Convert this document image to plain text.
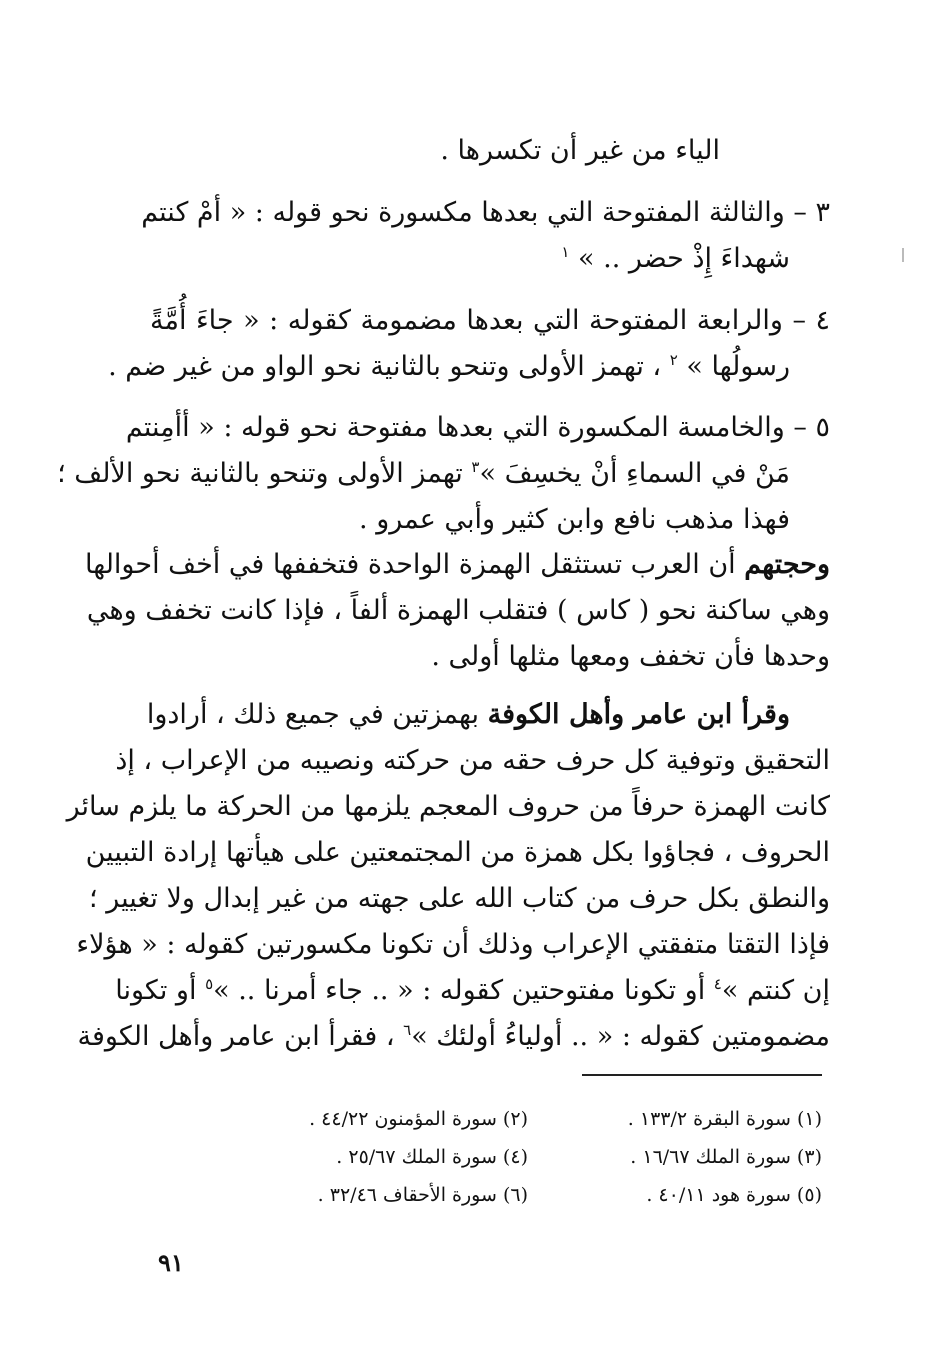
الياء من غير أن تكسرها .
٣ – والثالثة المفتوحة التي بعدها مكسورة نحو قوله : « أمْ كنتم
شهداءَ إِذْ حضر .. » $^١$
٤ – والرابعة المفتوحة التي بعدها مضمومة كقوله : « جاءَ أُمَّةً
رسولُها » $^٢$ ، تهمز الأولى وتنحو بالثانية نحو الواو من غير ضم .
٥ – والخامسة المكسورة التي بعدها مفتوحة نحو قوله : « أأمِنتم
مَنْ في السماءِ أنْ يخسِفَ »$^٣$ تهمز الأولى وتنحو بالثانية نحو الألف ؛
فهذا مذهب نافع وابن كثير وأبي عمرو .
وحجتهم أن العرب تستثقل الهمزة الواحدة فتخففها في أخف أحوالها
وهي ساكنة نحو ( كاس ) فتقلب الهمزة ألفاً ، فإذا كانت تخفف وهي
وحدها فأن تخفف ومعها مثلها أولى .
وقرأ ابن عامر وأهل الكوفة بهمزتين في جميع ذلك ، أرادوا
التحقيق وتوفية كل حرف حقه من حركته ونصيبه من الإعراب ، إذ
كانت الهمزة حرفاً من حروف المعجم يلزمها من الحركة ما يلزم سائر
الحروف ، فجاؤوا بكل همزة من المجتمعتين على هيأتها إرادة التبيين
والنطق بكل حرف من كتاب الله على جهته من غير إبدال ولا تغيير ؛
فإذا التقتا متفقتي الإعراب وذلك أن تكونا مكسورتين كقوله : « هؤلاء
إن كنتم »$^٤$ أو تكونا مفتوحتين كقوله : « .. جاء أمرنا .. »$^٥$ أو تكونا
مضمومتين كقوله : « .. أولياءُ أولئك »$^٦$ ، فقرأ ابن عامر وأهل الكوفة
(١) سورة البقرة ١٣٣/٢ .
(٣) سورة الملك ١٦/٦٧ .
(٥) سورة هود ٤٠/١١ .
(٢) سورة المؤمنون ٤٤/٢٢ .
(٤) سورة الملك ٢٥/٦٧ .
(٦) سورة الأحقاف ٣٢/٤٦ .
٩١
